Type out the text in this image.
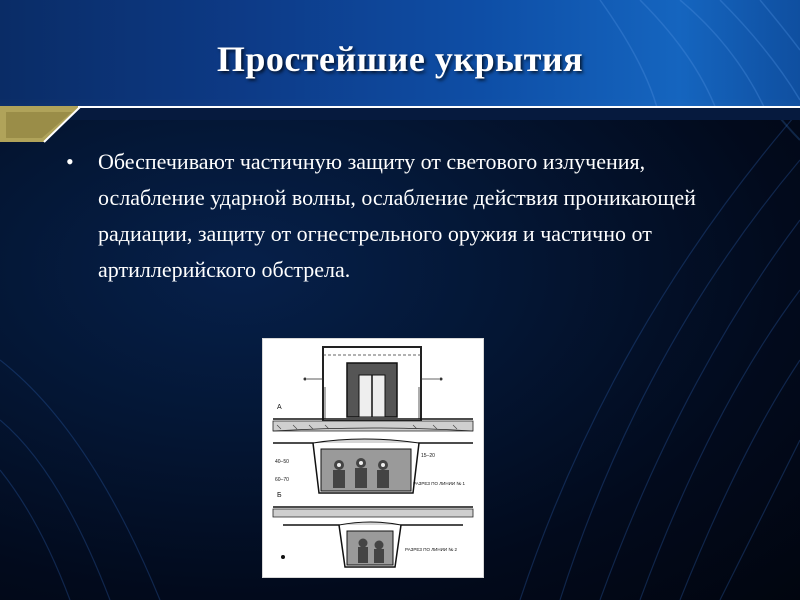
Простейшие укрытия
• Обеспечивают частичную защиту от светового излучения, ослабление ударной волны, ослабление действия проникающей радиации, защиту от огнестрельного оружия и частично от артиллерийского обстрела.
А
40–50
60–70
15–20
РАЗРЕЗ ПО ЛИНИИ № 1
Б
РАЗРЕЗ ПО ЛИНИИ № 2
